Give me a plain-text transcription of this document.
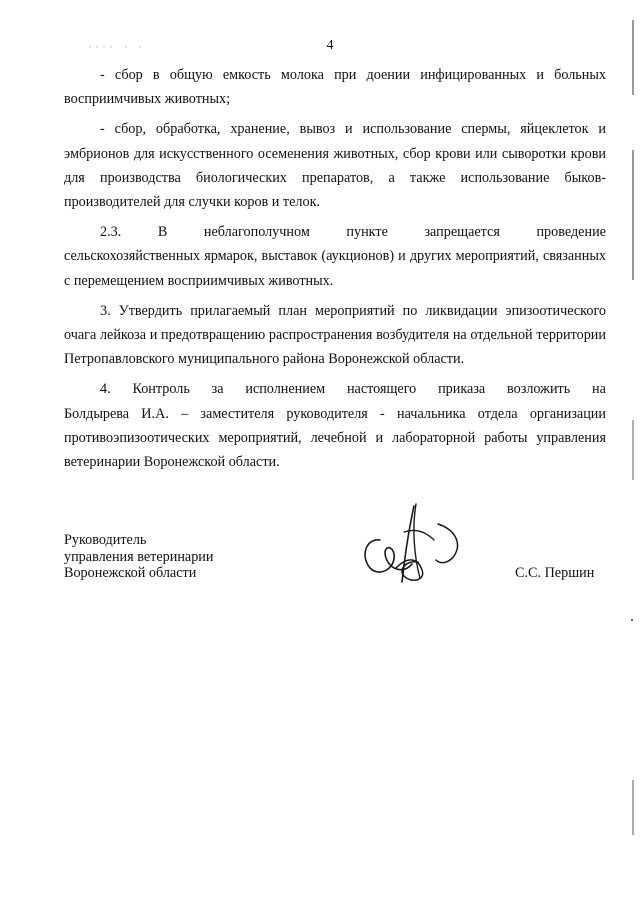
4

- сбор в общую емкость молока при доении инфицированных и больных восприимчивых животных;

- сбор, обработка, хранение, вывоз и использование спермы, яйцеклеток и эмбрионов для искусственного осеменения животных, сбор крови или сыворотки крови для производства биологических препаратов, а также использование быков-производителей для случки коров и телок.

2.3.	В	неблагополучном	пункте	запрещается	проведение

сельскохозяйственных ярмарок, выставок (аукционов) и других мероприятий, связанных с перемещением восприимчивых животных.

3. Утвердить прилагаемый план мероприятий по ликвидации эпизоотического очага лейкоза и предотвращению распространения возбудителя на отдельной территории Петропавловского муниципального района Воронежской области.

4. Контроль за исполнением настоящего приказа возложить на

Болдырева И.А. – заместителя руководителя - начальника отдела организации противоэпизоотических мероприятий, лечебной и лабораторной работы управления ветеринарии Воронежской области.

Руководитель
управления ветеринарии
Воронежской области	С.С. Першин
